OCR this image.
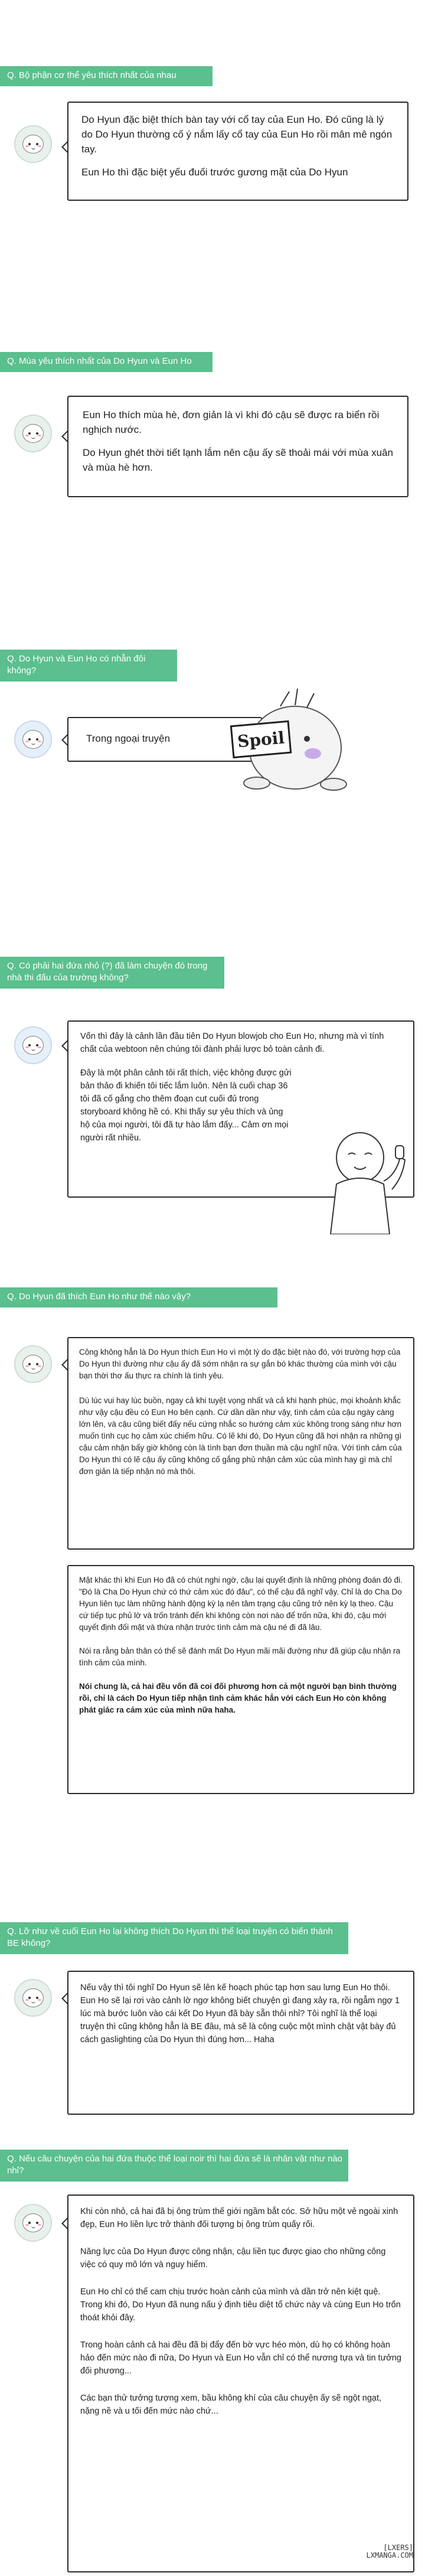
Q. Bộ phận cơ thể yêu thích nhất của nhau

Do Hyun đặc biệt thích bàn tay với cổ tay của Eun Ho. Đó cũng là lý do Do Hyun thường cố ý nắm lấy cổ tay của Eun Ho rồi mân mê ngón tay.

Eun Ho thì đặc biệt yếu đuối trước gương mặt của Do Hyun

Q. Mùa yêu thích nhất của Do Hyun và Eun Ho

Eun Ho thích mùa hè, đơn giản là vì khi đó cậu sẽ được ra biển rồi nghịch nước.

Do Hyun ghét thời tiết lạnh lắm nên cậu ấy sẽ thoải mái với mùa xuân và mùa hè hơn.

Q. Do Hyun và Eun Ho có nhẫn đôi không?
Trong ngoại truyện	Spoil
Q. Có phải hai đứa nhỏ (?) đã làm chuyện đó trong nhà thi đấu của trường không?

Vốn thì đây là cảnh lần đầu tiên Do Hyun blowjob cho Eun Ho, nhưng mà vì tính chất của webtoon nên chúng tôi đành phải lược bỏ toàn cảnh đi.

Đây là một phân cảnh tôi rất thích, việc không được gửi bản thảo đi khiến tôi tiếc lắm luôn. Nên là cuối chap 36 tôi đã cố gắng cho thêm đoạn cut cuối đủ trong storyboard không hề có. Khi thấy sự yêu thích và ủng hộ của mọi người, tôi đã tự hào lắm đấy... Cảm ơn mọi người rất nhiều.

Q. Do Hyun đã thích Eun Ho như thế nào vậy?

Công không hẳn là Do Hyun thích Eun Ho vì một lý do đặc biệt nào đó, với trường hợp của Do Hyun thì đường như cậu ấy đã sớm nhận ra sự gắn bó khác thường của mình với cậu bạn thời thơ ấu thực ra chính là tình yêu.

Dù lúc vui hay lúc buồn, ngay cả khi tuyệt vọng nhất và cả khi hạnh phúc, mọi khoảnh khắc như vậy cậu đều có Eun Ho bên cạnh. Cứ dần dần như vậy, tình cảm của cậu ngày càng lớn lên, và cậu cũng biết đấy nếu cứng nhắc so hướng cảm xúc không trong sáng như hơn muốn tình cục họ cảm xúc chiếm hữu. Có lẽ khi đó, Do Hyun cũng đã hơi nhận ra những gì cậu cảm nhận bấy giờ không còn là tình bạn đơn thuần mà cậu nghĩ nữa. Với tình cảm của Do Hyun thì có lẽ cậu ấy cũng không cố gắng phủ nhận cảm xúc của mình hay gì mà chỉ đơn giản là tiếp nhận nó mà thôi.

Mặt khác thì khi Eun Ho đã có chút nghi ngờ, cậu lại quyết định là những phòng đoán đó đi. "Đó là Cha Do Hyun chứ có thứ cảm xúc đó đâu", có thể cậu đã nghĩ vậy. Chỉ là do Cha Do Hyun liên tục làm những hành động kỳ lạ nên tâm trạng cậu cũng trở nên kỳ lạ theo. Cậu cứ tiếp tục phủ lờ và trốn tránh đến khi không còn nơi nào để trốn nữa, khi đó, cậu mới quyết định đối mặt và thừa nhận trước tình cảm mà cậu né đi đã lâu.

Nói ra rằng bản thân có thể sẽ đánh mất Do Hyun mãi mãi đường như đã giúp cậu nhận ra tình cảm của mình.

Nói chung là, cả hai đều vốn đã coi đối phương hơn cả một người bạn bình thường rồi, chỉ là cách Do Hyun tiếp nhận tình cảm khác hẳn với cách Eun Ho còn không phát giác ra cảm xúc của mình nữa haha.

Q. Lỡ như về cuối Eun Ho lại không thích Do Hyun thì thể loại truyện có biến thành BE không?

Nếu vậy thì tôi nghĩ Do Hyun sẽ lên kế hoạch phúc tạp hơn sau lưng Eun Ho thôi. Eun Ho sẽ lại rơi vào cảnh lờ ngơ không biết chuyện gì đang xảy ra, rồi ngẫm ngợ 1 lúc mà bước luôn vào cái kết Do Hyun đã bày sẵn thôi nhỉ? Tôi nghĩ là thể loại truyện thì cũng không hẳn là BE đâu, mà sẽ là công cuộc một mình chật vật bày đủ cách gaslighting của Do Hyun thì đúng hơn... Haha

Q. Nếu câu chuyện của hai đứa thuộc thể loại noir thì hai đứa sẽ là nhân vật như nào nhỉ?

Khi còn nhỏ, cả hai đã bị ông trùm thế giới ngầm bắt cóc. Sở hữu một vẻ ngoài xinh đẹp, Eun Ho liền lực trở thành đối tượng bị ông trùm quấy rối.

Năng lực của Do Hyun được công nhận, cậu liền tục được giao cho những công việc có quy mô lớn và nguy hiểm.

Eun Ho chỉ có thể cam chịu trước hoàn cảnh của mình và dần trở nên kiệt quệ. Trong khi đó, Do Hyun đã nung nấu ý định tiêu diệt tổ chức này và cùng Eun Ho trốn thoát khỏi đây.

Trong hoàn cảnh cả hai đều đã bị đẩy đến bờ vực héo mòn, dù họ có không hoàn hảo đến mức nào đi nữa, Do Hyun và Eun Ho vẫn chỉ có thể nương tựa và tin tưởng đối phương...

Các bạn thử tưởng tượng xem, bầu không khí của câu chuyện ấy sẽ ngột ngạt, nặng nề và u tối đến mức nào chứ...

[LXERS]
LXMANGA.COM
